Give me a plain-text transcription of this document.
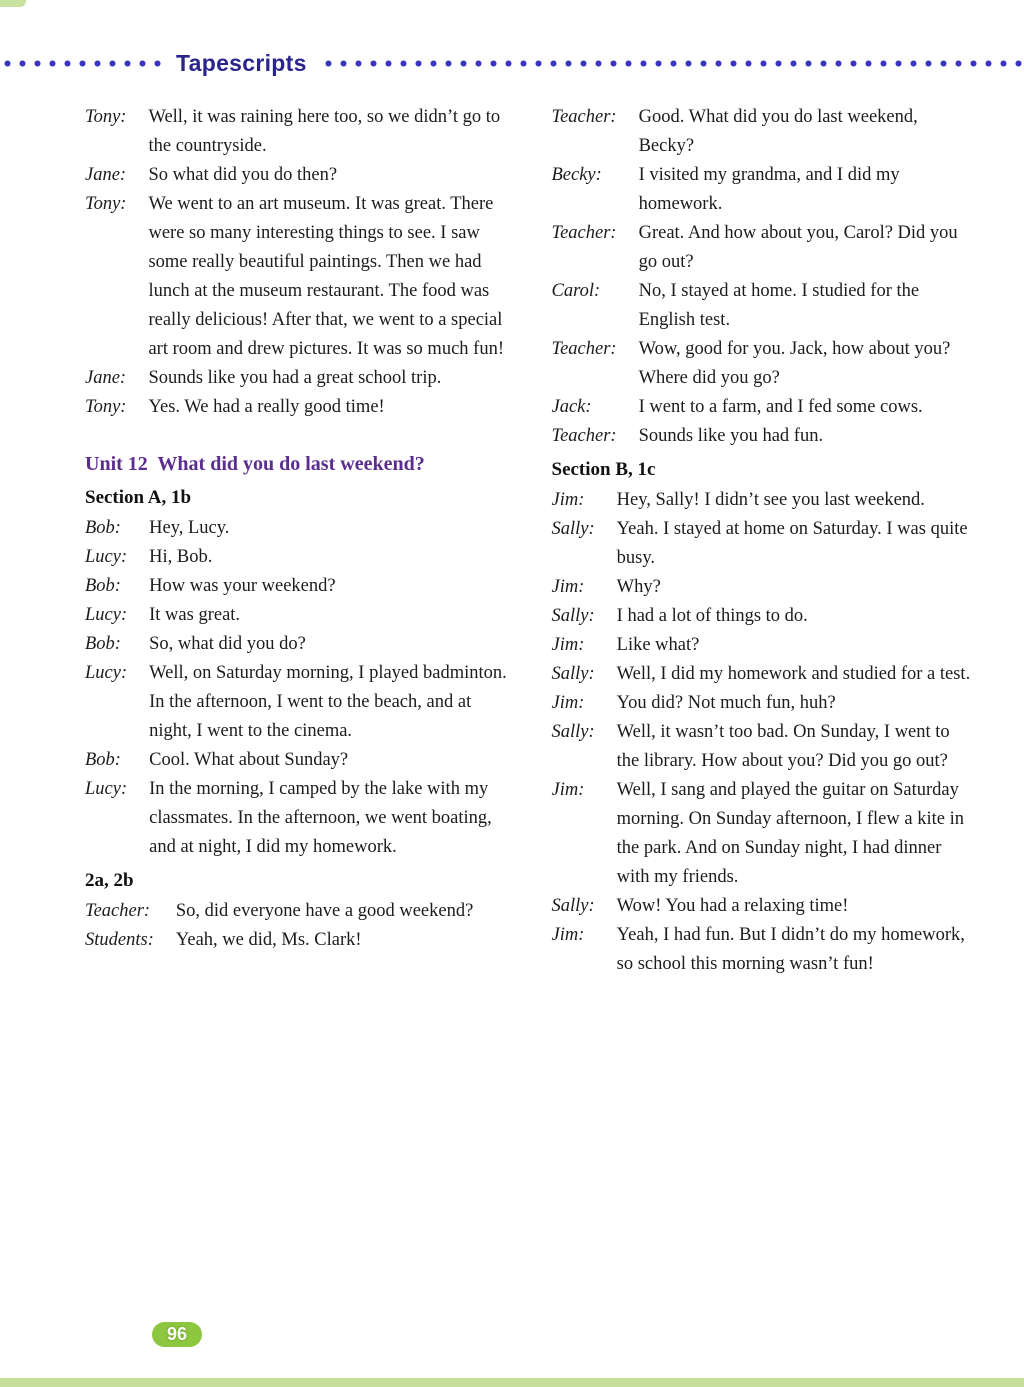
Tapescripts
Tony: Well, it was raining here too, so we didn’t go to the countryside.
Jane: So what did you do then?
Tony: We went to an art museum. It was great. There were so many interesting things to see. I saw some really beautiful paintings. Then we had lunch at the museum restaurant. The food was really delicious! After that, we went to a special art room and drew pictures. It was so much fun!
Jane: Sounds like you had a great school trip.
Tony: Yes. We had a really good time!
Unit 12  What did you do last weekend?
Section A, 1b
Bob:	Hey, Lucy.
Lucy: Hi, Bob.
Bob:	How was your weekend?
Lucy: It was great.
Bob:	So, what did you do?
Lucy: Well, on Saturday morning, I played badminton. In the afternoon, I went to the beach, and at night, I went to the cinema.
Bob:	Cool. What about Sunday?
Lucy: In the morning, I camped by the lake with my classmates. In the afternoon, we went boating, and at night, I did my homework.
2a, 2b
Teacher: So, did everyone have a good weekend?
Students: Yeah, we did, Ms. Clark!
Teacher: Good. What did you do last weekend, Becky?
Becky:	I visited my grandma, and I did my homework.
Teacher: Great. And how about you, Carol? Did you go out?
Carol:	No, I stayed at home. I studied for the English test.
Teacher: Wow, good for you. Jack, how about you? Where did you go?
Jack:	I went to a farm, and I fed some cows.
Teacher: Sounds like you had fun.
Section B, 1c
Jim:	Hey, Sally! I didn’t see you last weekend.
Sally: Yeah. I stayed at home on Saturday. I was quite busy.
Jim:	Why?
Sally: I had a lot of things to do.
Jim:	Like what?
Sally: Well, I did my homework and studied for a test.
Jim:	You did? Not much fun, huh?
Sally: Well, it wasn’t too bad. On Sunday, I went to the library. How about you? Did you go out?
Jim:	Well, I sang and played the guitar on Saturday morning. On Sunday afternoon, I flew a kite in the park. And on Sunday night, I had dinner with my friends.
Sally: Wow! You had a relaxing time!
Jim:	Yeah, I had fun. But I didn’t do my homework, so school this morning wasn’t fun!
96
